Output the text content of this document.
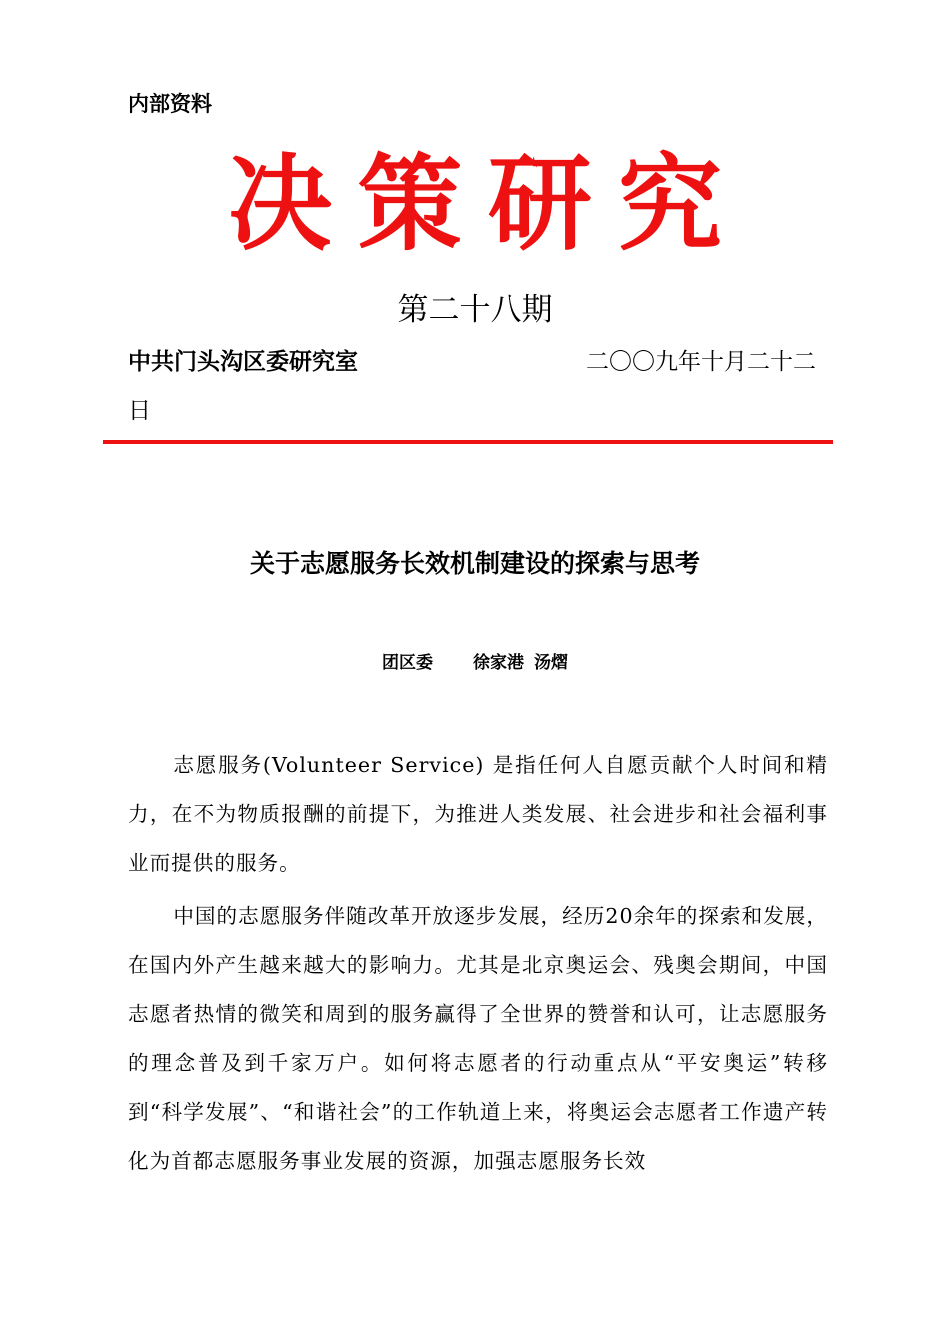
内部资料
决策研究
第二十八期
中共门头沟区委研究室	二〇〇九年十月二十二
日
关于志愿服务长效机制建设的探索与思考
团区委 徐家港 汤熠

志愿服务(Volunteer Service) 是指任何人自愿贡献个人时间和精力，在不为物质报酬的前提下，为推进人类发展、社会进步和社会福利事业而提供的服务。

中国的志愿服务伴随改革开放逐步发展，经历20余年的探索和发展，在国内外产生越来越大的影响力。尤其是北京奥运会、残奥会期间，中国志愿者热情的微笑和周到的服务赢得了全世界的赞誉和认可，让志愿服务的理念普及到千家万户。如何将志愿者的行动重点从“平安奥运”转移到“科学发展”、“和谐社会”的工作轨道上来，将奥运会志愿者工作遗产转化为首都志愿服务事业发展的资源，加强志愿服务长效
